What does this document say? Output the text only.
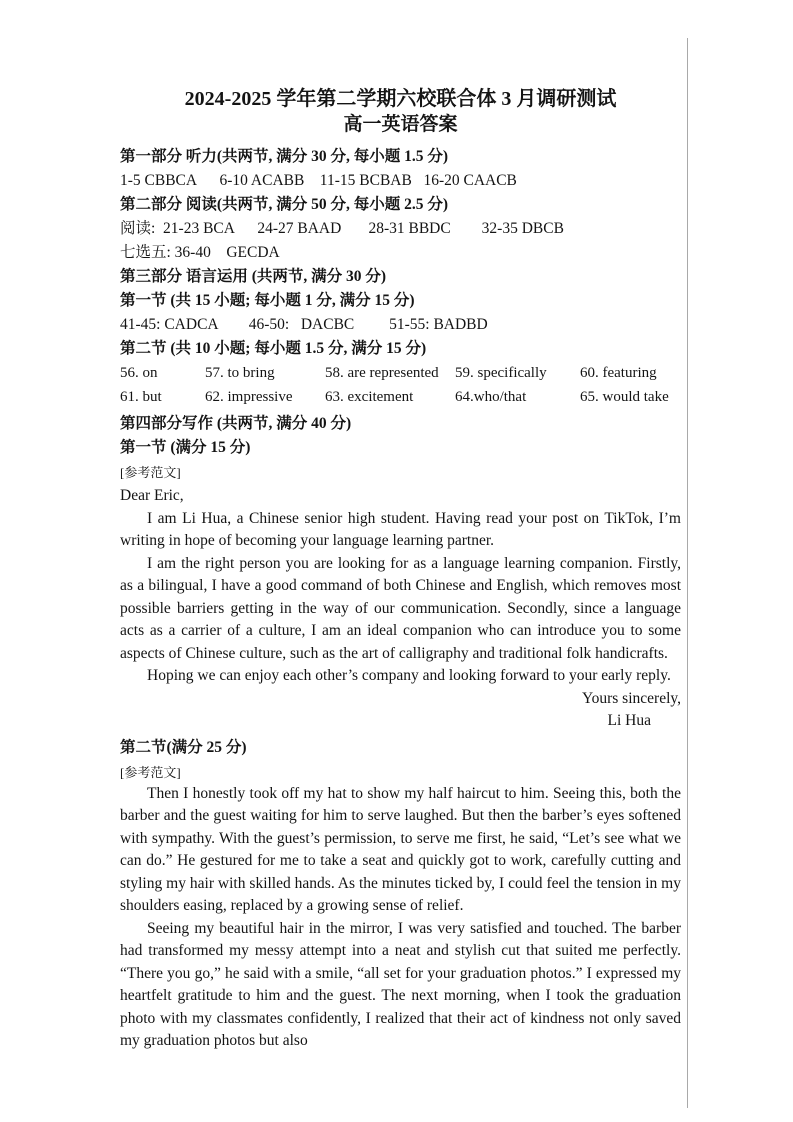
2024-2025 学年第二学期六校联合体 3 月调研测试
高一英语答案
第一部分 听力(共两节, 满分 30 分, 每小题 1.5 分)
1-5 CBBCA      6-10 ACABB    11-15 BCBAB   16-20 CAACB
第二部分 阅读(共两节, 满分 50 分, 每小题 2.5 分)
阅读:  21-23 BCA      24-27 BAAD       28-31 BBDC        32-35 DBCB
七选五: 36-40    GECDA
第三部分 语言运用 (共两节, 满分 30 分)
第一节 (共 15 小题; 每小题 1 分, 满分 15 分)
41-45: CADCA        46-50:   DACBC         51-55: BADBD
第二节 (共 10 小题; 每小题 1.5 分, 满分 15 分)
56. on	57. to bring	58. are represented	59. specifically	60. featuring
61. but	62. impressive	63. excitement	64.who/that	65. would take
第四部分写作 (共两节, 满分 40 分)
第一节 (满分 15 分)
[参考范文]
Dear Eric,

I am Li Hua, a Chinese senior high student. Having read your post on TikTok, I’m writing in hope of becoming your language learning partner.

I am the right person you are looking for as a language learning companion. Firstly, as a bilingual, I have a good command of both Chinese and English, which removes most possible barriers getting in the way of our communication. Secondly, since a language acts as a carrier of a culture, I am an ideal companion who can introduce you to some aspects of Chinese culture, such as the art of calligraphy and traditional folk handicrafts.

Hoping we can enjoy each other’s company and looking forward to your early reply.

Yours sincerely,
Li Hua
第二节(满分 25 分)
[参考范文]

Then I honestly took off my hat to show my half haircut to him. Seeing this, both the barber and the guest waiting for him to serve laughed. But then the barber’s eyes softened with sympathy. With the guest’s permission, to serve me first, he said, “Let’s see what we can do.” He gestured for me to take a seat and quickly got to work, carefully cutting and styling my hair with skilled hands. As the minutes ticked by, I could feel the tension in my shoulders easing, replaced by a growing sense of relief.

Seeing my beautiful hair in the mirror, I was very satisfied and touched. The barber had transformed my messy attempt into a neat and stylish cut that suited me perfectly. “There you go,” he said with a smile, “all set for your graduation photos.” I expressed my heartfelt gratitude to him and the guest. The next morning, when I took the graduation photo with my classmates confidently, I realized that their act of kindness not only saved my graduation photos but also
